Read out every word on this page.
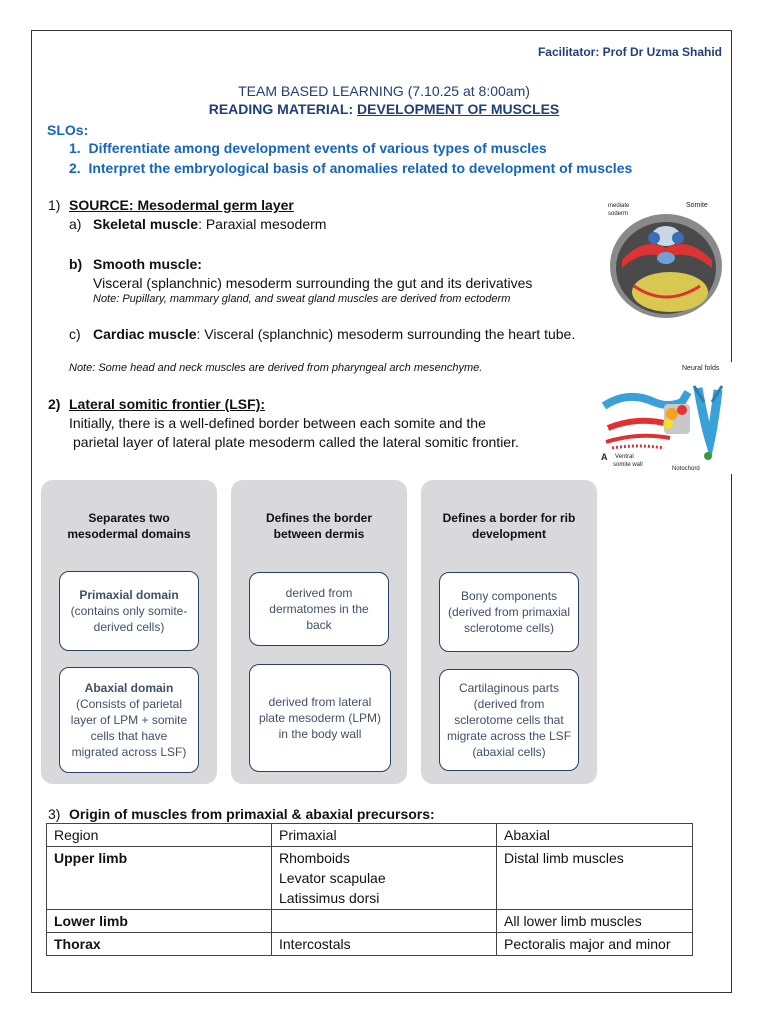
Facilitator: Prof Dr Uzma Shahid
TEAM BASED LEARNING (7.10.25 at 8:00am)
READING MATERIAL: DEVELOPMENT OF MUSCLES
SLOs:
1.  Differentiate among development events of various types of muscles
2.  Interpret the embryological basis of anomalies related to development of muscles
1) SOURCE: Mesodermal germ layer
a) Skeletal muscle: Paraxial mesoderm
b) Smooth muscle:
Visceral (splanchnic) mesoderm surrounding the gut and its derivatives
Note: Pupillary, mammary gland, and sweat gland muscles are derived from ectoderm
c) Cardiac muscle: Visceral (splanchnic) mesoderm surrounding the heart tube.
Note: Some head and neck muscles are derived from pharyngeal arch mesenchyme.
mediate
soderm
Somite
2) Lateral somitic frontier (LSF):
Initially, there is a well-defined border between each somite and the
parietal layer of lateral plate mesoderm called the lateral somitic frontier.
Neural folds
A Ventral
somite wall
Notochord
Separates two mesodermal domains
Primaxial domain
(contains only somite-derived cells)
Abaxial domain
(Consists of parietal layer of LPM + somite cells that have migrated across LSF)
Defines the border between dermis
derived from dermatomes in the back
derived from lateral plate mesoderm (LPM) in the body wall
Defines a border for rib development
Bony components (derived from primaxial sclerotome cells)
Cartilaginous parts (derived from sclerotome cells that migrate across the LSF (abaxial cells)
3) Origin of muscles from primaxial & abaxial precursors:
Region	Primaxial	Abaxial
Upper limb	Rhomboids
Levator scapulae
Latissimus dorsi	Distal limb muscles
Lower limb		All lower limb muscles
Thorax	Intercostals	Pectoralis major and minor
